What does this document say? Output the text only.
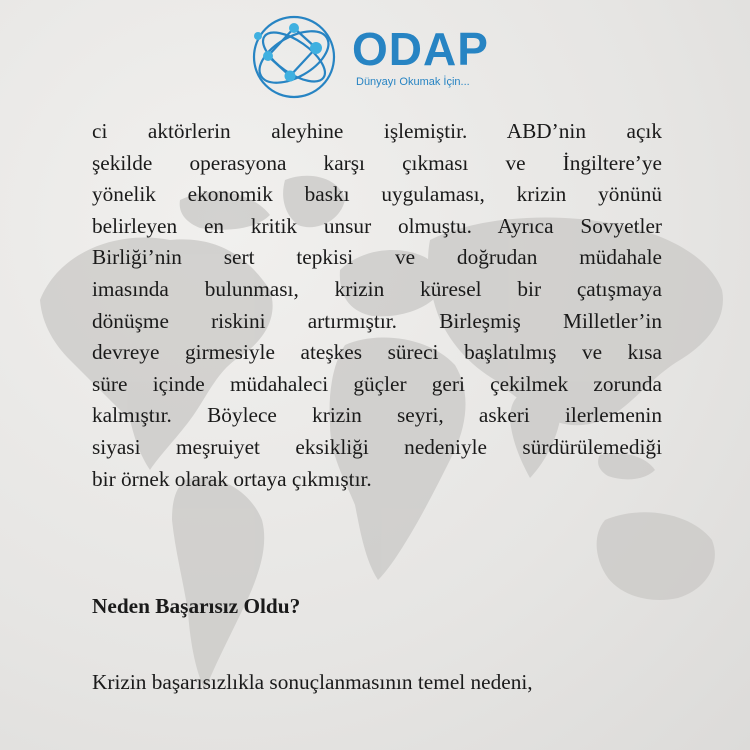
ODAP
Dünyayı Okumak İçin...

ci aktörlerin aleyhine işlemiştir. ABD’nin açık
şekilde operasyona karşı çıkması ve İngiltere’ye
yönelik ekonomik baskı uygulaması, krizin yönünü
belirleyen en kritik unsur olmuştu. Ayrıca Sovyetler
Birliği’nin sert tepkisi ve doğrudan müdahale
imasında bulunması, krizin küresel bir çatışmaya
dönüşme riskini artırmıştır. Birleşmiş Milletler’in
devreye girmesiyle ateşkes süreci başlatılmış ve kısa
süre içinde müdahaleci güçler geri çekilmek zorunda
kalmıştır. Böylece krizin seyri, askeri ilerlemenin
siyasi meşruiyet eksikliği nedeniyle sürdürülemediği
bir örnek olarak ortaya çıkmıştır.

Neden Başarısız Oldu?
Krizin başarısızlıkla sonuçlanmasının temel nedeni,
